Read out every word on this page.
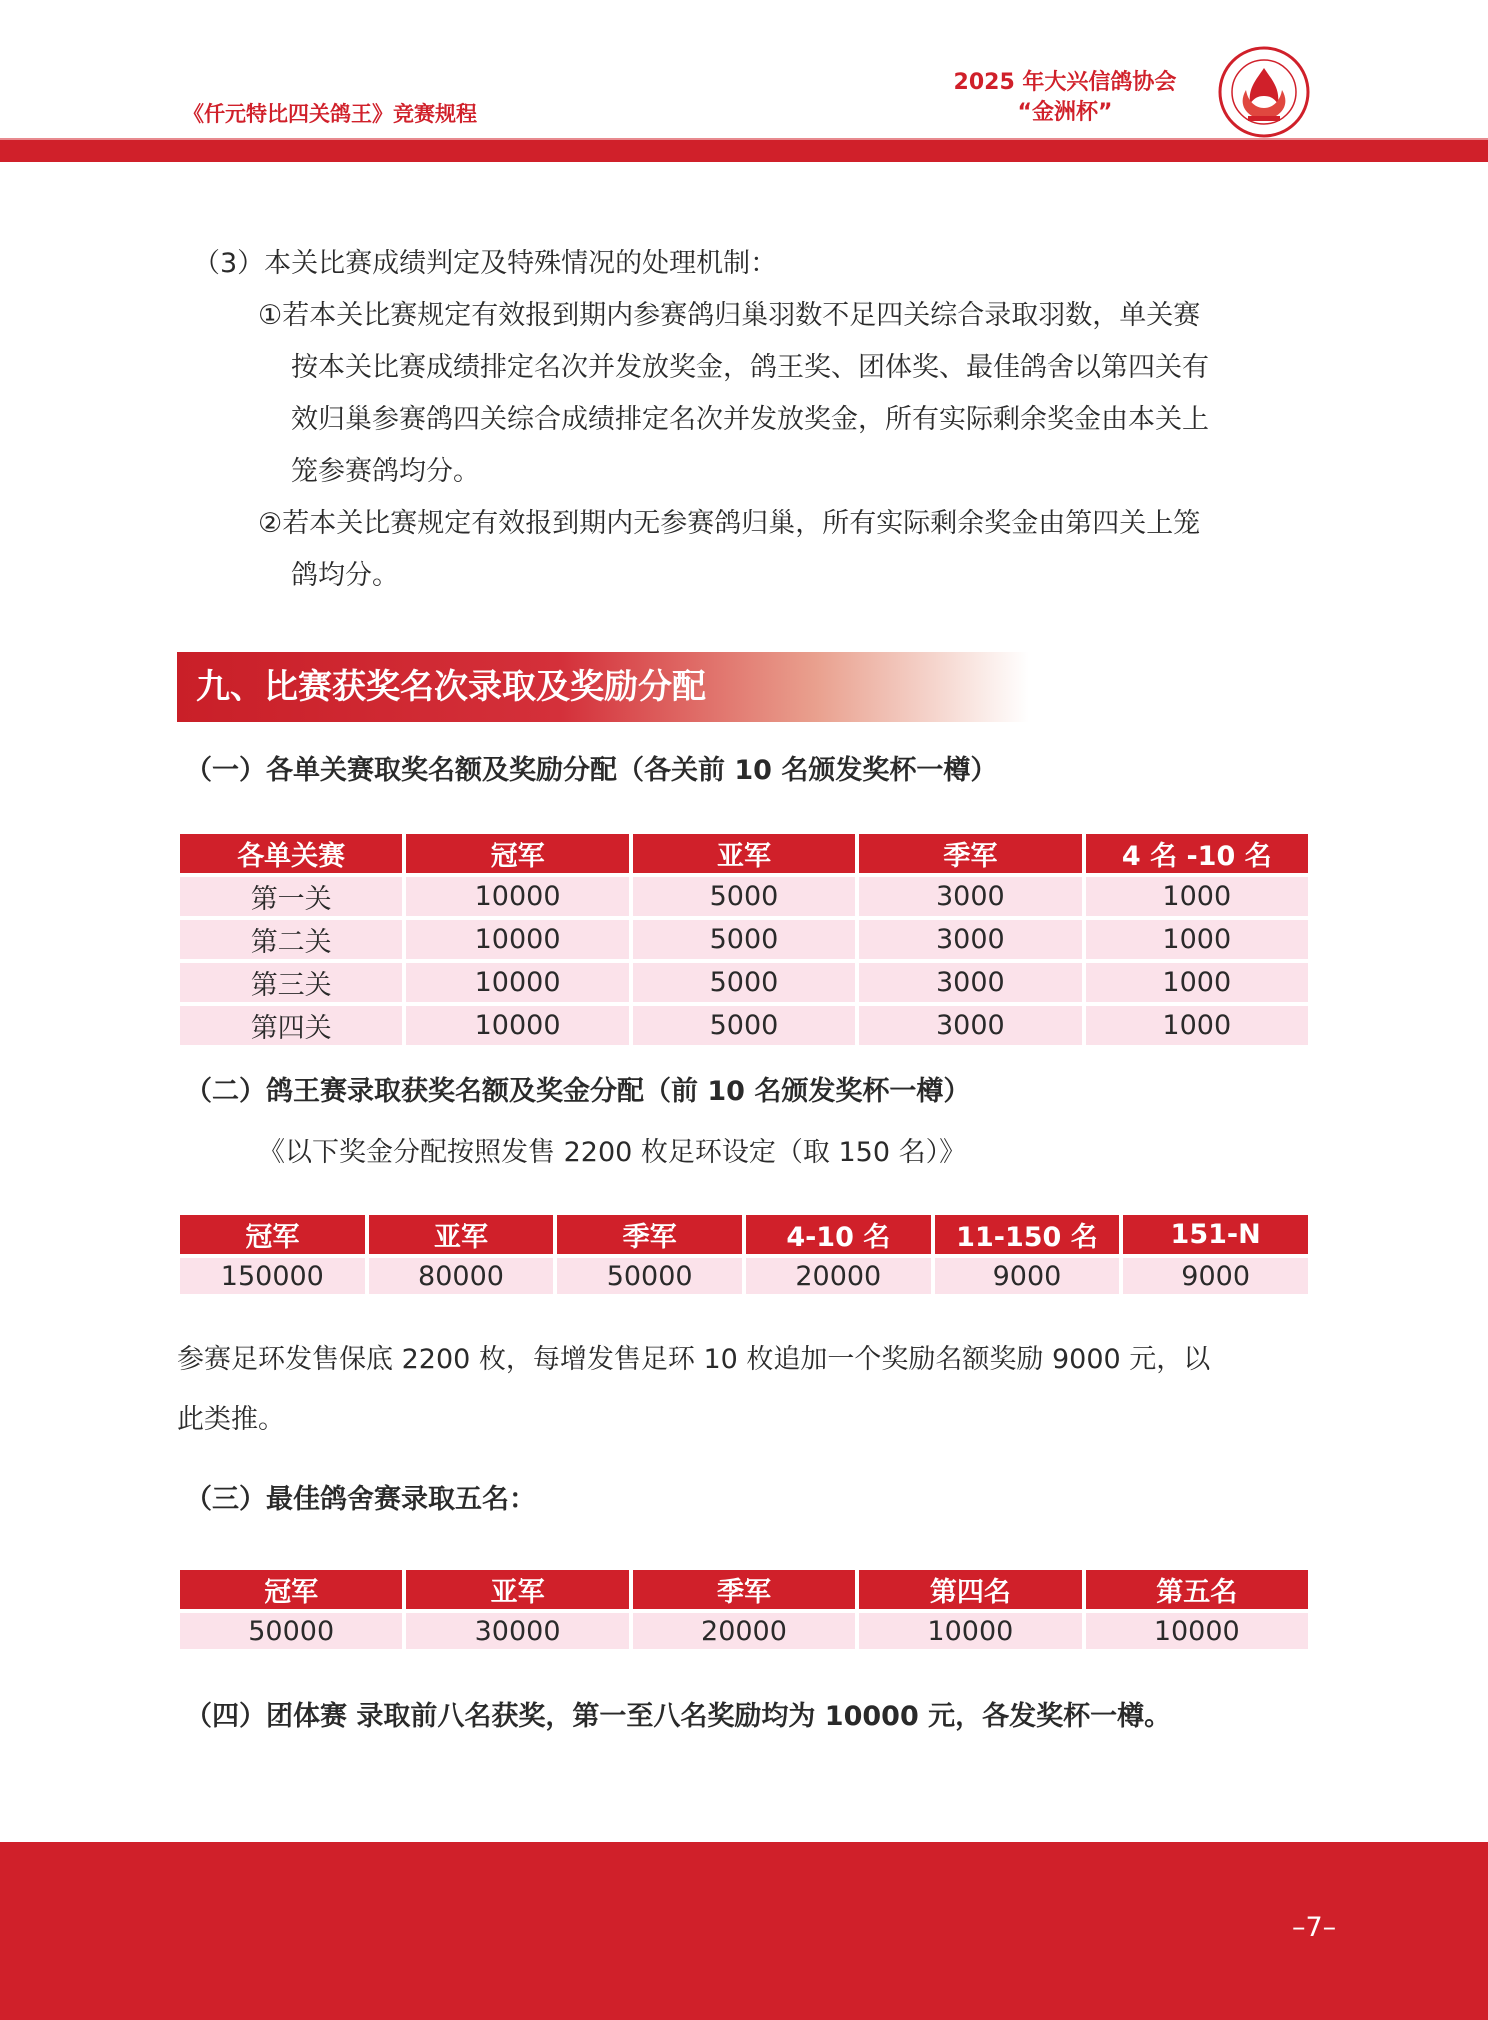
《仟元特比四关鸽王》竞赛规程
2025 年大兴信鸽协会
“金洲杯”
（3）本关比赛成绩判定及特殊情况的处理机制：
①若本关比赛规定有效报到期内参赛鸽归巢羽数不足四关综合录取羽数，单关赛
按本关比赛成绩排定名次并发放奖金，鸽王奖、团体奖、最佳鸽舍以第四关有
效归巢参赛鸽四关综合成绩排定名次并发放奖金，所有实际剩余奖金由本关上
笼参赛鸽均分。
②若本关比赛规定有效报到期内无参赛鸽归巢，所有实际剩余奖金由第四关上笼
鸽均分。
九、比赛获奖名次录取及奖励分配
（一）各单关赛取奖名额及奖励分配（各关前 10 名颁发奖杯一樽）
各单关赛	冠军	亚军	季军	4 名 -10 名
第一关	10000	5000	3000	1000
第二关	10000	5000	3000	1000
第三关	10000	5000	3000	1000
第四关	10000	5000	3000	1000
（二）鸽王赛录取获奖名额及奖金分配（前 10 名颁发奖杯一樽）
《以下奖金分配按照发售 2200 枚足环设定（取 150 名）》
冠军	亚军	季军	4-10 名	11-150 名	151-N
150000	80000	50000	20000	9000	9000
参赛足环发售保底 2200 枚，每增发售足环 10 枚追加一个奖励名额奖励 9000 元，以
此类推。
（三）最佳鸽舍赛录取五名：
冠军	亚军	季军	第四名	第五名
50000	30000	20000	10000	10000
（四）团体赛 录取前八名获奖，第一至八名奖励均为 10000 元，各发奖杯一樽。
–7–
